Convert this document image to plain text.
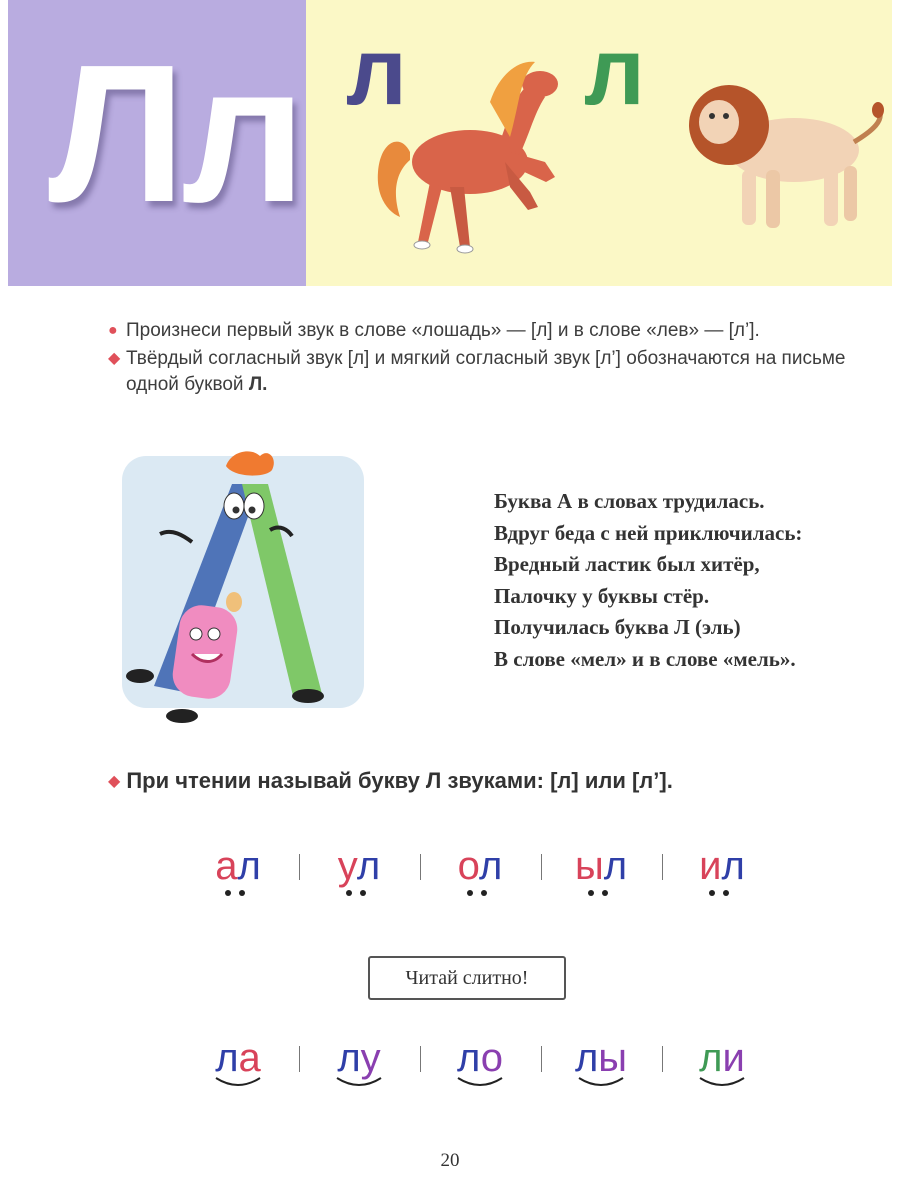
Лл л л
● Произнеси первый звук в слове «лошадь» — [л] и в слове «лев» — [л’].
◆ Твёрдый согласный звук [л] и мягкий согласный звук [л’] обозначаются на письме одной буквой Л.
Буква А в словах трудилась.
Вдруг беда с ней приключилась:
Вредный ластик был хитёр,
Палочку у буквы стёр.
Получилась буква Л (эль)
В слове «мел» и в слове «мель».
◆ При чтении называй букву Л звуками: [л] или [л’].
ал	ул	ол	ыл	ил
Читай слитно!
ла	лу	ло	лы	ли
20
